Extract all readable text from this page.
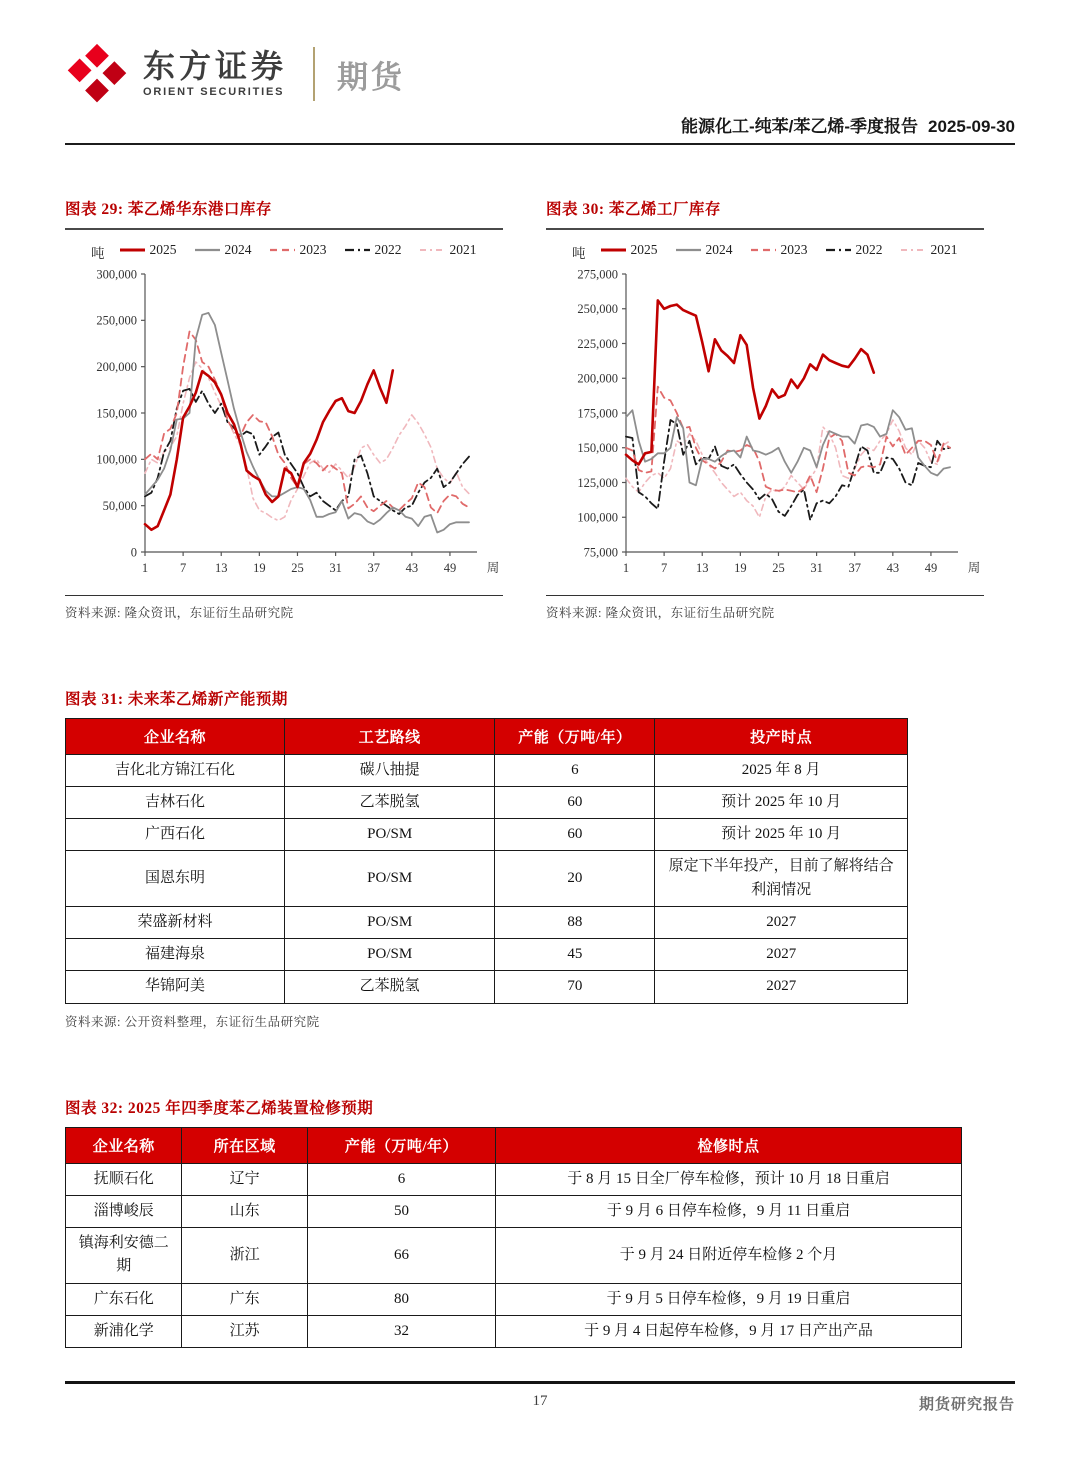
东方证券
ORIENT SECURITIES 期货
能源化工-纯苯/苯乙烯-季度报告 2025-09-30
图表 29: 苯乙烯华东港口库存
吨	2025	2024	2023	2022	2021
0
50,000
100,000
150,000
200,000
250,000
300,000
1	7 13 19 25 31 37 43 49 周
资料来源: 隆众资讯，东证衍生品研究院
图表 30: 苯乙烯工厂库存
吨	2025	2024	2023	2022	2021
75,000
100,000
125,000
150,000
175,000
200,000
225,000
250,000
275,000
1	7 13 19 25 31 37 43 49 周
资料来源: 隆众资讯，东证衍生品研究院
图表 31: 未来苯乙烯新产能预期
企业名称	工艺路线	产能（万吨/年）	投产时点
吉化北方锦江石化	碳八抽提	6	2025 年 8 月
吉林石化	乙苯脱氢	60	预计 2025 年 10 月
广西石化	PO/SM	60	预计 2025 年 10 月
国恩东明	PO/SM	20	原定下半年投产，目前了解将结合利润情况
荣盛新材料	PO/SM	88	2027
福建海泉	PO/SM	45	2027
华锦阿美	乙苯脱氢	70	2027
资料来源: 公开资料整理，东证衍生品研究院
图表 32: 2025 年四季度苯乙烯装置检修预期
企业名称	所在区域	产能（万吨/年）	检修时点
抚顺石化	辽宁	6	于 8 月 15 日全厂停车检修，预计 10 月 18 日重启
淄博峻辰	山东	50	于 9 月 6 日停车检修，9 月 11 日重启
镇海利安德二期	浙江	66	于 9 月 24 日附近停车检修 2 个月
广东石化	广东	80	于 9 月 5 日停车检修，9 月 19 日重启
新浦化学	江苏	32	于 9 月 4 日起停车检修，9 月 17 日产出产品
17	期货研究报告
